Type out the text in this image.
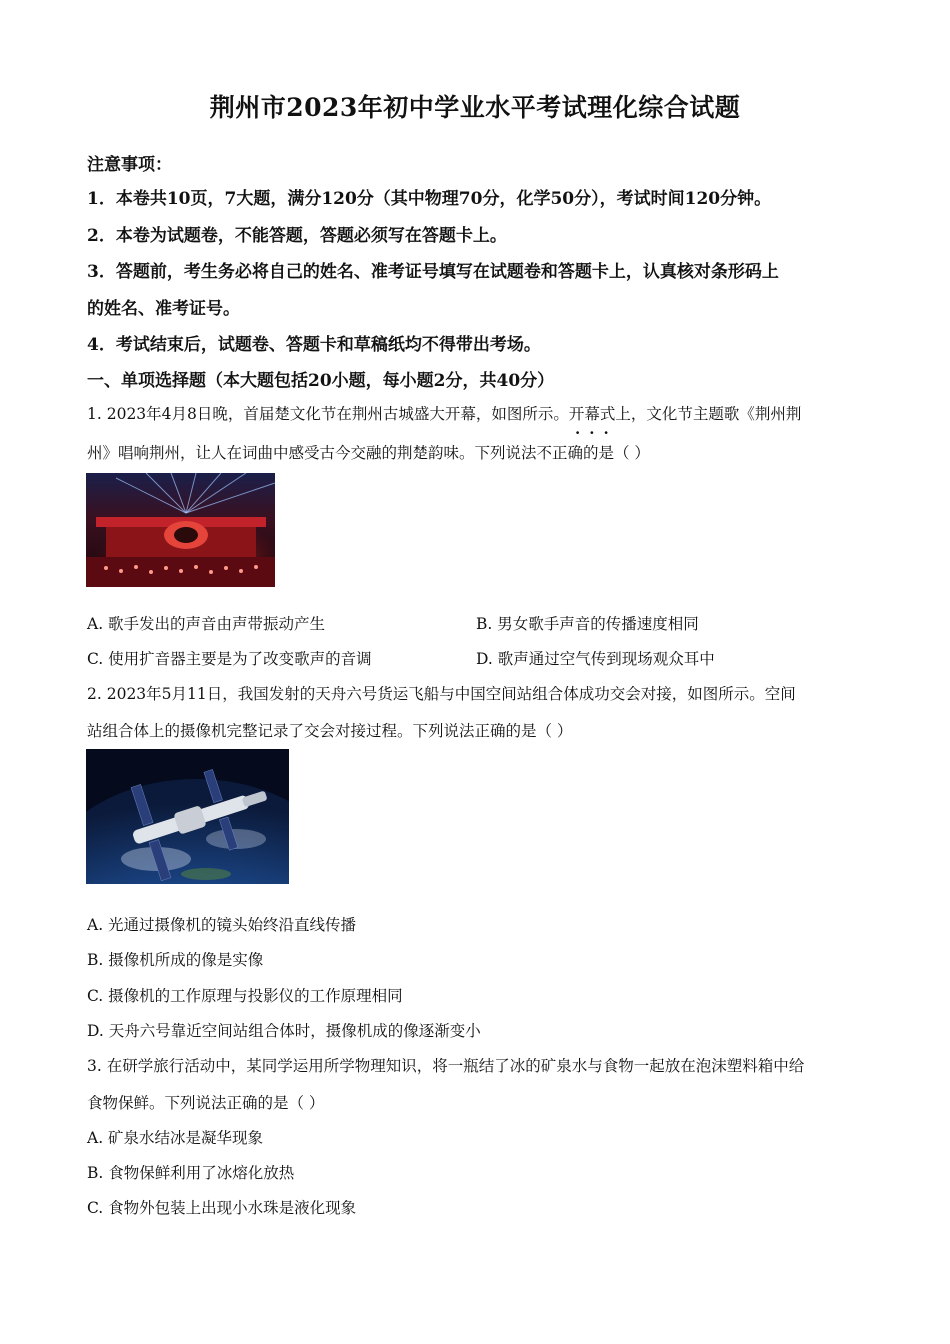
荆州市2023年初中学业水平考试理化综合试题
注意事项：
1．本卷共10页，7大题，满分120分（其中物理70分，化学50分），考试时间120分钟。
2．本卷为试题卷，不能答题，答题必须写在答题卡上。
3．答题前，考生务必将自己的姓名、准考证号填写在试题卷和答题卡上，认真核对条形码上
的姓名、准考证号。
4．考试结束后，试题卷、答题卡和草稿纸均不得带出考场。
一、单项选择题（本大题包括20小题，每小题2分，共40分）
1. 2023年4月8日晚，首届楚文化节在荆州古城盛大开幕，如图所示。开幕式上，文化节主题歌《荆州荆
···
州》唱响荆州，让人在词曲中感受古今交融的荆楚韵味。下列说法不正确的是（ ）
A. 歌手发出的声音由声带振动产生	B. 男女歌手声音的传播速度相同
C. 使用扩音器主要是为了改变歌声的音调	D. 歌声通过空气传到现场观众耳中
2. 2023年5月11日，我国发射的天舟六号货运飞船与中国空间站组合体成功交会对接，如图所示。空间
站组合体上的摄像机完整记录了交会对接过程。下列说法正确的是（ ）
A. 光通过摄像机的镜头始终沿直线传播
B. 摄像机所成的像是实像
C. 摄像机的工作原理与投影仪的工作原理相同
D. 天舟六号靠近空间站组合体时，摄像机成的像逐渐变小
3. 在研学旅行活动中，某同学运用所学物理知识，将一瓶结了冰的矿泉水与食物一起放在泡沫塑料箱中给
食物保鲜。下列说法正确的是（ ）
A. 矿泉水结冰是凝华现象
B. 食物保鲜利用了冰熔化放热
C. 食物外包装上出现小水珠是液化现象
